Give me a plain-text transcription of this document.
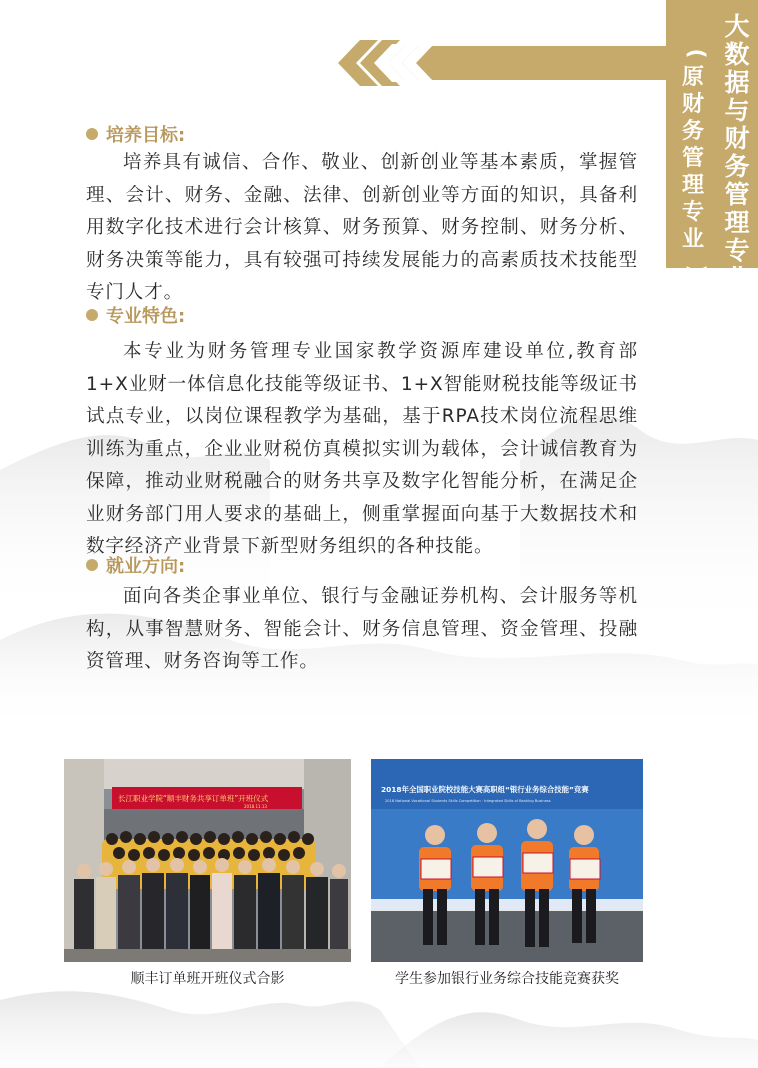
大
数
据
与
财
务
管
理
专
业
(
原
财
务
管
理
专
业
)
培养目标:
培养具有诚信、合作、敬业、创新创业等基本素质，掌握管理、会计、财务、金融、法律、创新创业等方面的知识，具备利用数字化技术进行会计核算、财务预算、财务控制、财务分析、财务决策等能力，具有较强可持续发展能力的高素质技术技能型专门人才。
专业特色:
本专业为财务管理专业国家教学资源库建设单位,教育部1+X业财一体信息化技能等级证书、1+X智能财税技能等级证书试点专业，以岗位课程教学为基础，基于RPA技术岗位流程思维训练为重点，企业业财税仿真模拟实训为载体，会计诚信教育为保障，推动业财税融合的财务共享及数字化智能分析，在满足企业财务部门用人要求的基础上，侧重掌握面向基于大数据技术和数字经济产业背景下新型财务组织的各种技能。
就业方向:
面向各类企事业单位、银行与金融证券机构、会计服务等机构，从事智慧财务、智能会计、财务信息管理、资金管理、投融资管理、财务咨询等工作。
长江职业学院“顺丰财务共享订单班”开班仪式
2018.11.13
2018年全国职业院校技能大赛高职组“银行业务综合技能”竞赛
2018 National Vocational Students Skills Competition · Integrated Skills of Banking Business
顺丰订单班开班仪式合影	学生参加银行业务综合技能竞赛获奖
